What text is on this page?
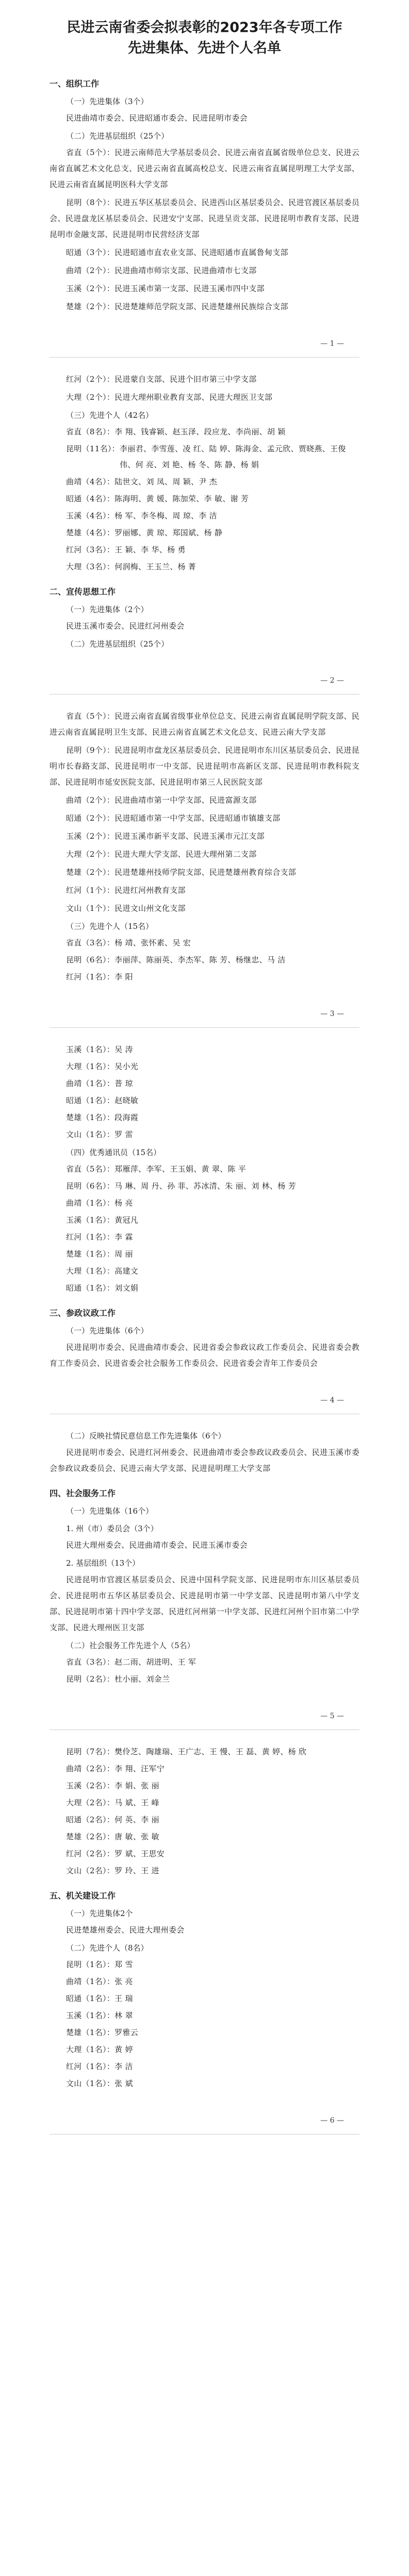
民进云南省委会拟表彰的2023年各专项工作
先进集体、先进个人名单
一、组织工作
（一）先进集体（3个）
民进曲靖市委会、民进昭通市委会、民进昆明市委会
（二）先进基层组织（25个）
省直（5个）：民进云南师范大学基层委员会、民进云南省直属省级单位总支、民进云南省直属艺术文化总支、民进云南省直属高校总支、民进云南省直属昆明理工大学支部、民进云南省直属昆明医科大学支部
昆明（8个）：民进五华区基层委员会、民进西山区基层委员会、民进官渡区基层委员会、民进盘龙区基层委员会、民进安宁支部、民进呈贡支部、民进昆明市教育支部、民进昆明市金融支部、民进昆明市民营经济支部
昭通（3个）：民进昭通市直农业支部、民进昭通市直属鲁甸支部
曲靖（2个）：民进曲靖市师宗支部、民进曲靖市七支部
玉溪（2个）：民进玉溪市第一支部、民进玉溪市四中支部
楚雄（2个）：民进楚雄师范学院支部、民进楚雄州民族综合支部
— 1 —
红河（2个）：民进蒙自支部、民进个旧市第三中学支部
大理（2个）：民进大理州职业教育支部、民进大理医卫支部
（三）先进个人（42名）
省直（8名）： 李 翔、钱睿颖、赵玉泽、段应龙、李尚丽、胡 颖
昆明（11名）： 李丽君、李雪莲、凌 红、陆 婷、陈海金、孟元欣、贾晓燕、王俊伟、何 亮、刘 艳、杨 冬、陈 静、杨 娟
曲靖（4名）： 陆世文、刘 凤、周 颖、尹 杰
昭通（4名）： 陈海明、黄 媛、陈加荣、李 敏、谢 芳
玉溪（4名）： 杨 军、李冬梅、周 琼、李 洁
楚雄（4名）： 罗丽娜、黄 琼、郑国斌、杨 静
红河（3名）： 王 颖、李 华、杨 勇
大理（3名）： 何润梅、王玉兰、杨 菁
二、宣传思想工作
（一）先进集体（2个）
民进玉溪市委会、民进红河州委会
（二）先进基层组织（25个）
— 2 —
省直（5个）：民进云南省直属省级事业单位总支、民进云南省直属昆明学院支部、民进云南省直属昆明卫生支部、民进云南省直属艺术文化总支、民进云南大学支部
昆明（9个）：民进昆明市盘龙区基层委员会、民进昆明市东川区基层委员会、民进昆明市长春路支部、民进昆明市一中支部、民进昆明市高新区支部、民进昆明市教科院支部、民进昆明市延安医院支部、民进昆明市第三人民医院支部
曲靖（2个）：民进曲靖市第一中学支部、民进富源支部
昭通（2个）：民进昭通市第一中学支部、民进昭通市镇雄支部
玉溪（2个）：民进玉溪市新平支部、民进玉溪市元江支部
大理（2个）：民进大理大学支部、民进大理州第二支部
楚雄（2个）：民进楚雄州技师学院支部、民进楚雄州教育综合支部
红河（1个）：民进红河州教育支部
文山（1个）：民进文山州文化支部
（三）先进个人（15名）
省直（3名）： 杨 靖、张怀素、吴 宏
昆明（6名）： 李丽萍、陈丽英、李杰军、陈 芳、杨继忠、马 洁
红河（1名）： 李 阳
— 3 —
玉溪（1名）： 吴 涛
大理（1名）： 吴小光
曲靖（1名）： 普 琼
昭通（1名）： 赵晓敏
楚雄（1名）： 段海霞
文山（1名）： 罗 雷
（四）优秀通讯员（15名）
省直（5名）： 郑雁萍、李军、王玉娟、黄 翠、陈 平
昆明（6名）： 马 琳、周 丹、孙 菲、苏冰清、朱 丽、刘 林、杨 芳
曲靖（1名）： 杨 亮
玉溪（1名）： 黄冠凡
红河（1名）： 李 霖
楚雄（1名）： 周 丽
大理（1名）： 高建文
昭通（1名）： 刘文娟
三、参政议政工作
（一）先进集体（6个）
民进昆明市委会、民进曲靖市委会、民进省委会参政议政工作委员会、民进省委会教育工作委员会、民进省委会社会服务工作委员会、民进省委会青年工作委员会
— 4 —
（二）反映社情民意信息工作先进集体（6个）
民进昆明市委会、民进红河州委会、民进曲靖市委会参政议政委员会、民进玉溪市委会参政议政委员会、民进云南大学支部、民进昆明理工大学支部
四、社会服务工作
（一）先进集体（16个）
1. 州（市）委员会（3个）
民进大理州委会、民进曲靖市委会、民进玉溪市委会
2. 基层组织（13个）
民进昆明市官渡区基层委员会、民进中国科学院支部、民进昆明市东川区基层委员会、民进昆明市五华区基层委员会、民进昆明市第一中学支部、民进昆明市第八中学支部、民进昆明市第十四中学支部、民进红河州第一中学支部、民进红河州个旧市第二中学支部、民进大理州医卫支部
（二）社会服务工作先进个人（5名）
省直（3名）： 赵二雨、胡进明、王 军
昆明（2名）： 杜小丽、刘金兰
— 5 —
昆明（7名）： 樊伶芝、陶雄瑞、王广志、王 慢、王 磊、黄 婷、杨 欣
曲靖（2名）： 李 翔、汪军宁
玉溪（2名）： 李 娟、张 丽
大理（2名）： 马 斌、王 峰
昭通（2名）： 何 英、李 丽
楚雄（2名）： 唐 敏、张 敏
红河（2名）： 罗 斌、王思安
文山（2名）： 罗 玲、王 进
五、机关建设工作
（一）先进集体2个
民进楚雄州委会、民进大理州委会
（二）先进个人（8名）
昆明（1名）： 郑 雪
曲靖（1名）： 张 亮
昭通（1名）： 王 瑞
玉溪（1名）： 林 翠
楚雄（1名）： 罗雅云
大理（1名）： 黄 婷
红河（1名）： 李 洁
文山（1名）： 张 斌
— 6 —
